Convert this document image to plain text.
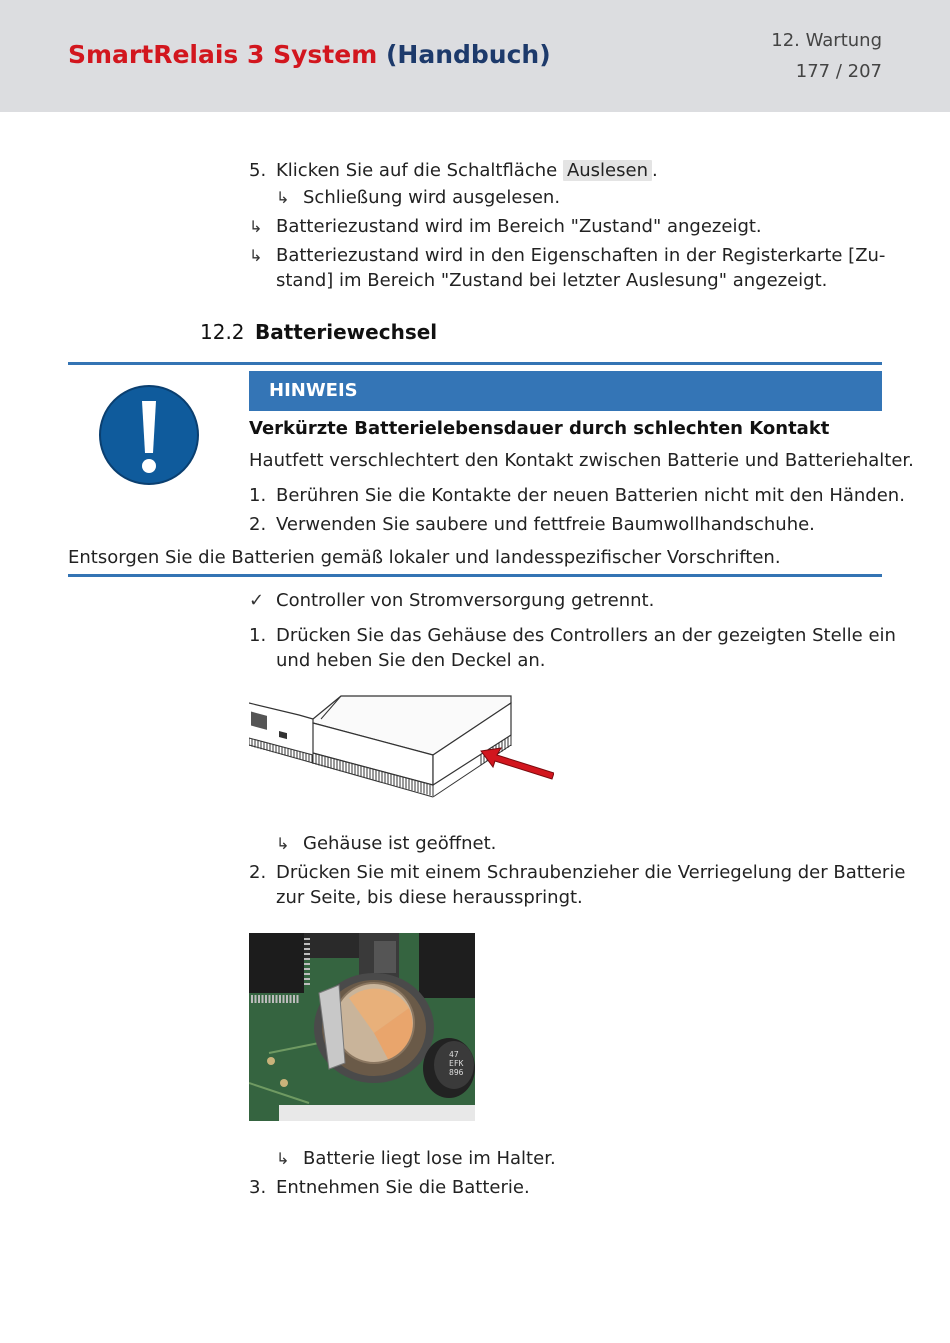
SmartRelais 3 System (Handbuch)	12. Wartung
177 / 207
5. Klicken Sie auf die Schaltfläche Auslesen .
↳ Schließung wird ausgelesen.
↳ Batteriezustand wird im Bereich "Zustand" angezeigt.
↳ Batteriezustand wird in den Eigenschaften in der Registerkarte [Zu-
stand] im Bereich "Zustand bei letzter Auslesung" angezeigt.
12.2 Batteriewechsel
HINWEIS
Verkürzte Batterielebensdauer durch schlechten Kontakt
Hautfett verschlechtert den Kontakt zwischen Batterie und Batteriehalter.
1. Berühren Sie die Kontakte der neuen Batterien nicht mit den Händen.
2. Verwenden Sie saubere und fettfreie Baumwollhandschuhe.
Entsorgen Sie die Batterien gemäß lokaler und landesspezifischer Vorschriften.
✓ Controller von Stromversorgung getrennt.
1. Drücken Sie das Gehäuse des Controllers an der gezeigten Stelle ein
und heben Sie den Deckel an.
↳ Gehäuse ist geöffnet.
2. Drücken Sie mit einem Schraubenzieher die Verriegelung der Batterie
zur Seite, bis diese herausspringt.
47
EFK
896
↳ Batterie liegt lose im Halter.
3. Entnehmen Sie die Batterie.
